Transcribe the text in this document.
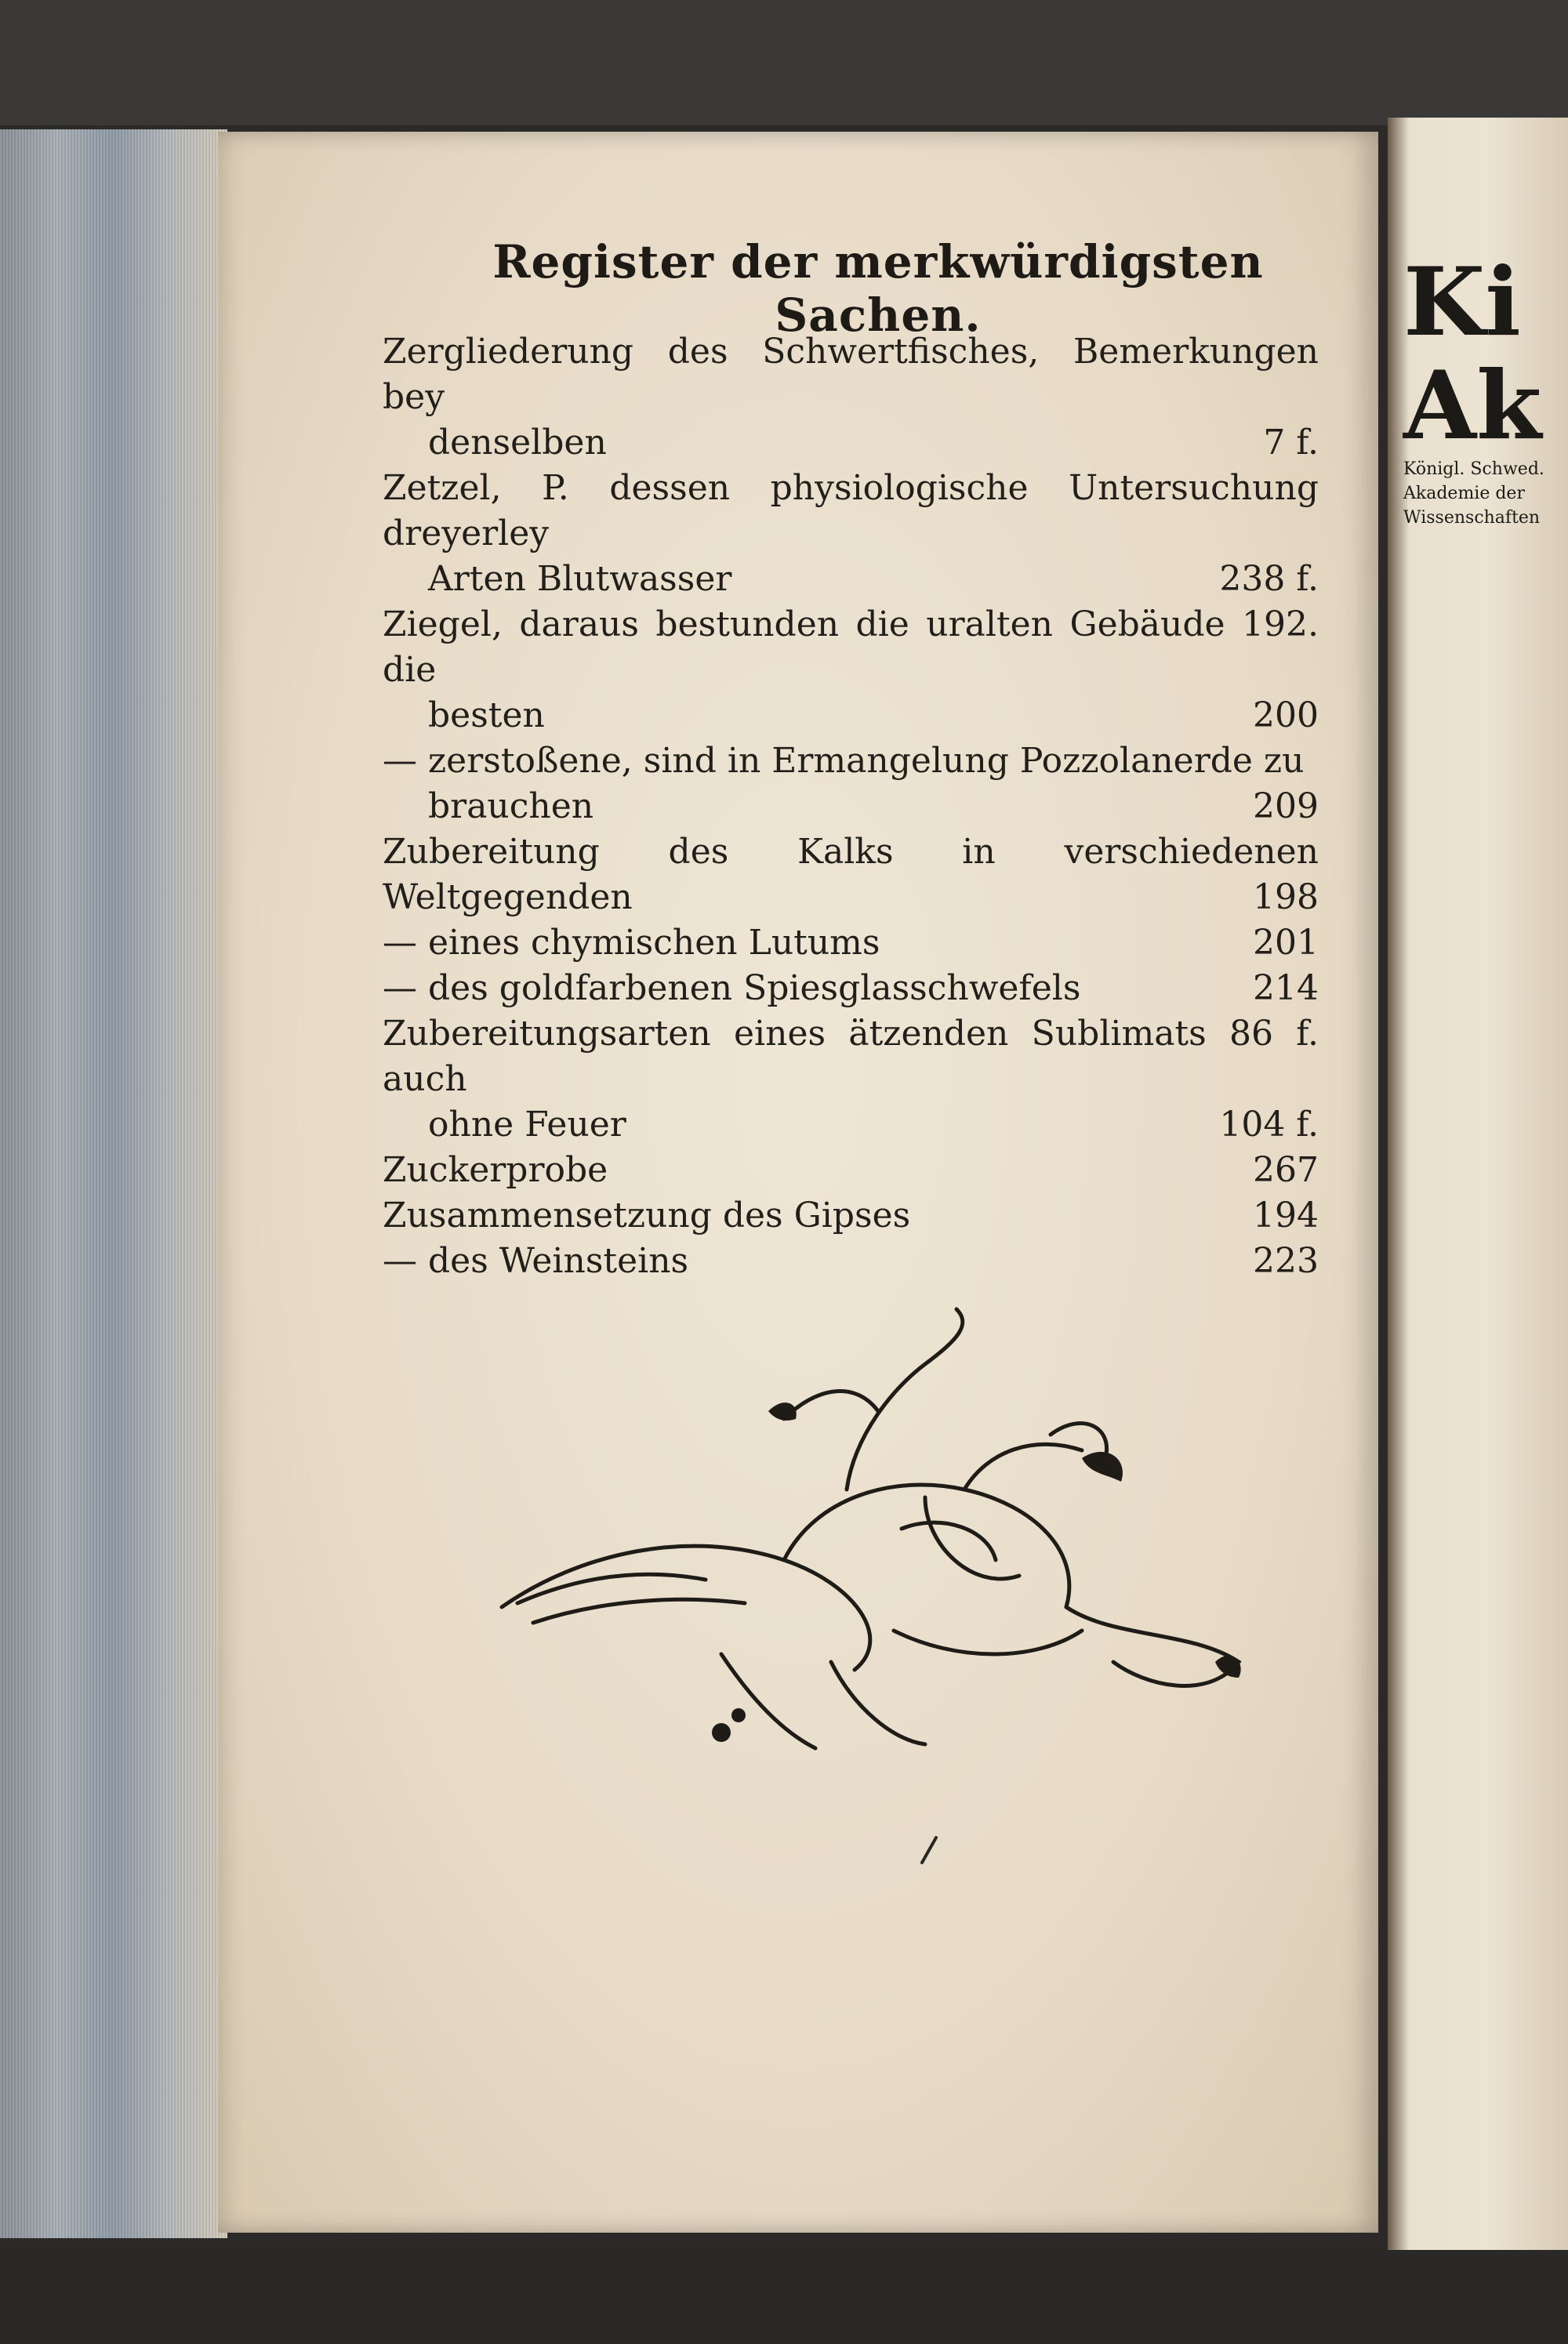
Ki
Ak
Königl. Schwed. Akademie der Wissenschaften
Register der merkwürdigsten Sachen.
Zergliederung des Schwertfisches, Bemerkungen bey
denselben	7 f.
Zetzel, P. dessen physiologische Untersuchung dreyerley
Arten Blutwasser	238 f.
Ziegel, daraus bestunden die uralten Gebäude 192. die
besten	200
— zerstoßene, sind in Ermangelung Pozzolanerde zu
brauchen	209
Zubereitung des Kalks in verschiedenen Weltgegenden	198
— eines chymischen Lutums	201
— des goldfarbenen Spiesglasschwefels	214
Zubereitungsarten eines ätzenden Sublimats 86 f. auch
ohne Feuer	104 f.
Zuckerprobe	267
Zusammensetzung des Gipses	194
— des Weinsteins	223
